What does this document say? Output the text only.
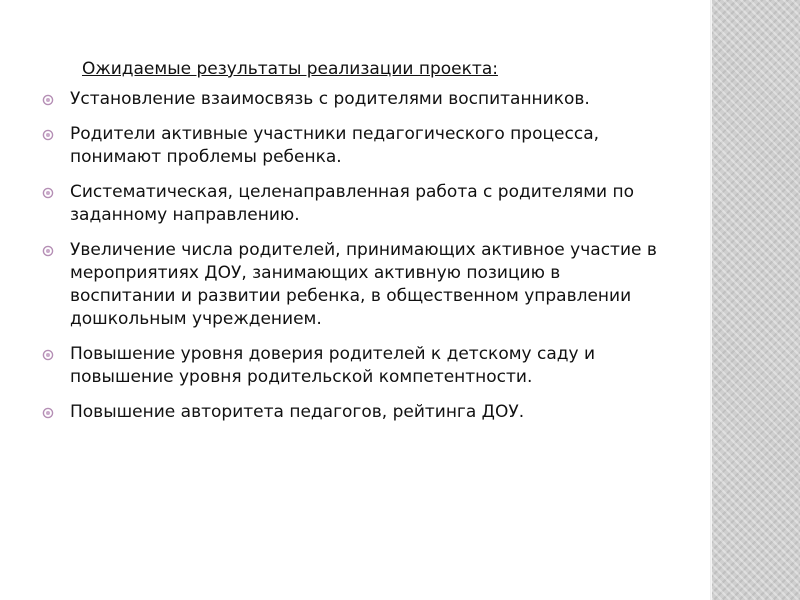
Ожидаемые результаты реализации проекта:
Установление взаимосвязь с родителями воспитанников.
Родители активные участники педагогического процесса, понимают проблемы ребенка.
Систематическая, целенаправленная работа с родителями по заданному направлению.
Увеличение числа родителей, принимающих активное участие в мероприятиях ДОУ, занимающих активную позицию в воспитании и развитии ребенка, в общественном управлении дошкольным учреждением.
Повышение уровня доверия родителей к детскому саду и повышение уровня родительской компетентности.
Повышение авторитета педагогов, рейтинга ДОУ.
